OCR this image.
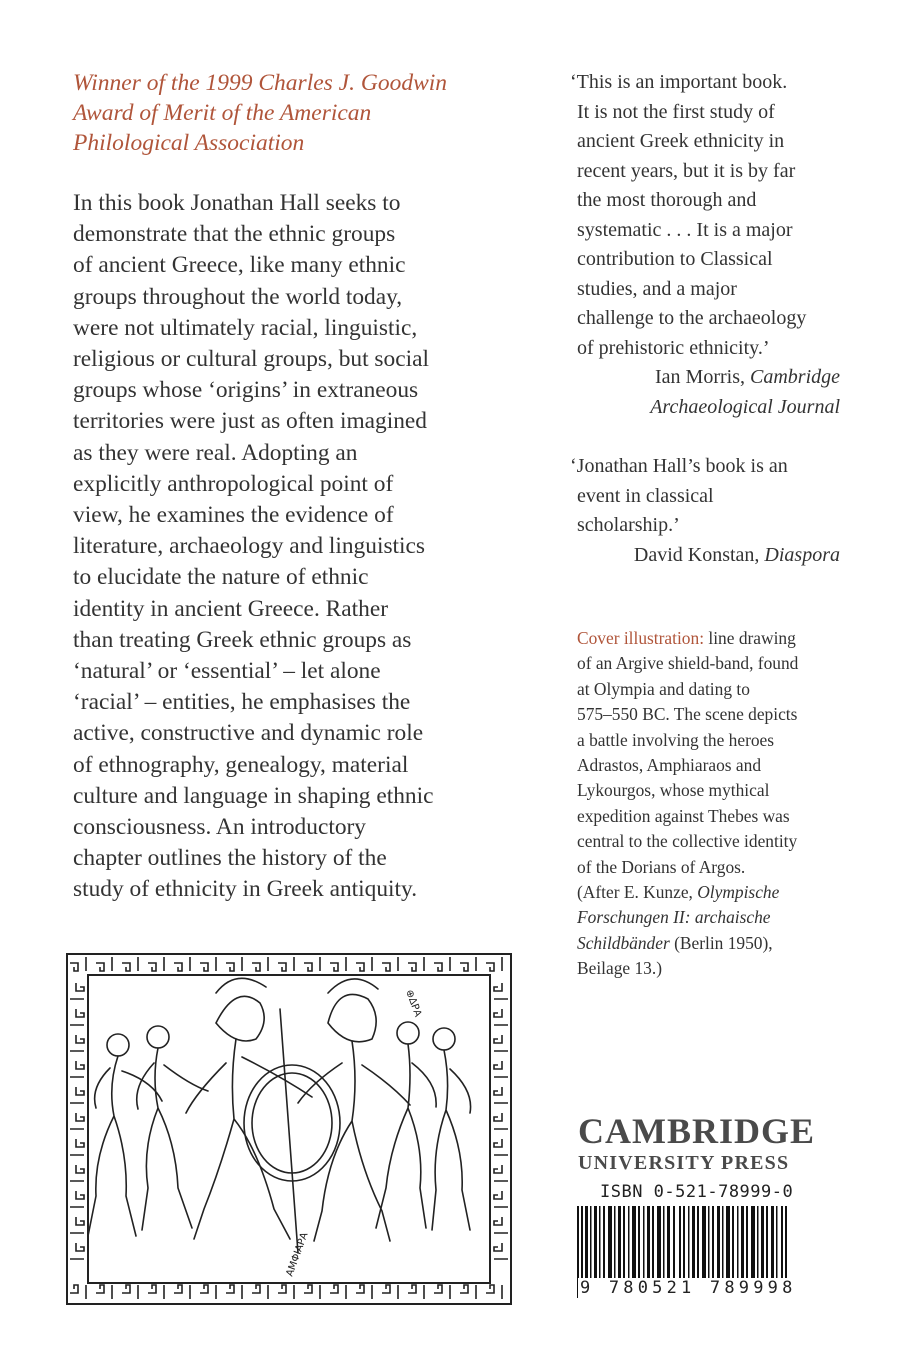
Winner of the 1999 Charles J. Goodwin
Award of Merit of the American
Philological Association

In this book Jonathan Hall seeks to
demonstrate that the ethnic groups
of ancient Greece, like many ethnic
groups throughout the world today,
were not ultimately racial, linguistic,
religious or cultural groups, but social
groups whose ‘origins’ in extraneous
territories were just as often imagined
as they were real. Adopting an
explicitly anthropological point of
view, he examines the evidence of
literature, archaeology and linguistics
to elucidate the nature of ethnic
identity in ancient Greece. Rather
than treating Greek ethnic groups as
‘natural’ or ‘essential’ – let alone
‘racial’ – entities, he emphasises the
active, constructive and dynamic role
of ethnography, genealogy, material
culture and language in shaping ethnic
consciousness. An introductory
chapter outlines the history of the
study of ethnicity in Greek antiquity.

‘This is an important book.
It is not the first study of
ancient Greek ethnicity in
recent years, but it is by far
the most thorough and
systematic . . . It is a major
contribution to Classical
studies, and a major
challenge to the archaeology
of prehistoric ethnicity.’
Ian Morris, Cambridge
Archaeological Journal
‘Jonathan Hall’s book is an
event in classical
scholarship.’
David Konstan, Diaspora

Cover illustration: line drawing
of an Argive shield-band, found
at Olympia and dating to
575–550 BC. The scene depicts
a battle involving the heroes
Adrastos, Amphiaraos and
Lykourgos, whose mythical
expedition against Thebes was
central to the collective identity
of the Dorians of Argos.
(After E. Kunze, Olympische
Forschungen II: archaische
Schildbänder (Berlin 1950),
Beilage 13.)

⊕ΔΡΑ
ΑΜΦΙΑΡΑ
CAMBRIDGE
UNIVERSITY PRESS
ISBN 0-521-78999-0
9 780521 789998
